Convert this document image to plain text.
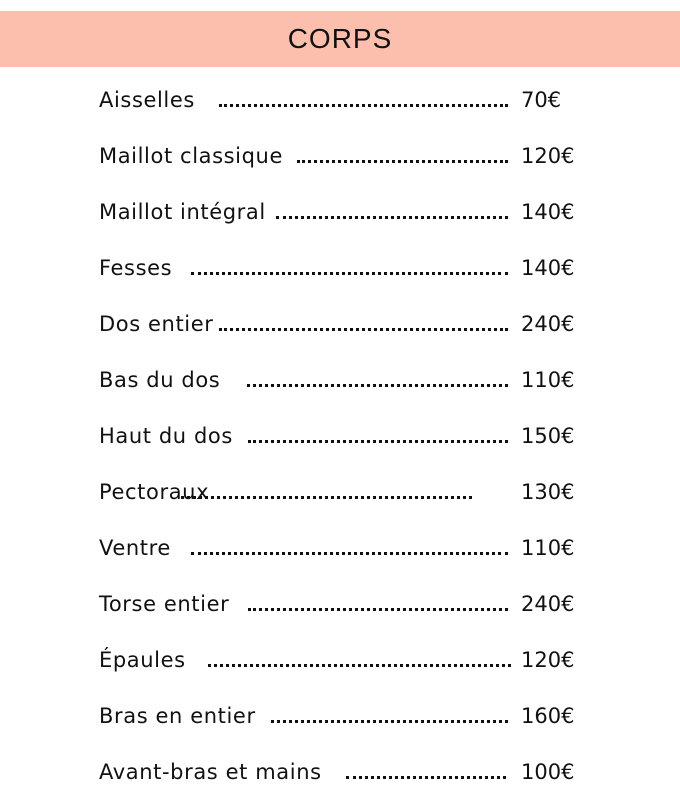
CORPS
Aisselles	70€
Maillot classique	120€
Maillot intégral	140€
Fesses	140€
Dos entier	240€
Bas du dos	110€
Haut du dos	150€
Pectoraux	130€
Ventre	110€
Torse entier	240€
Épaules	120€
Bras en entier	160€
Avant-bras et mains	100€
